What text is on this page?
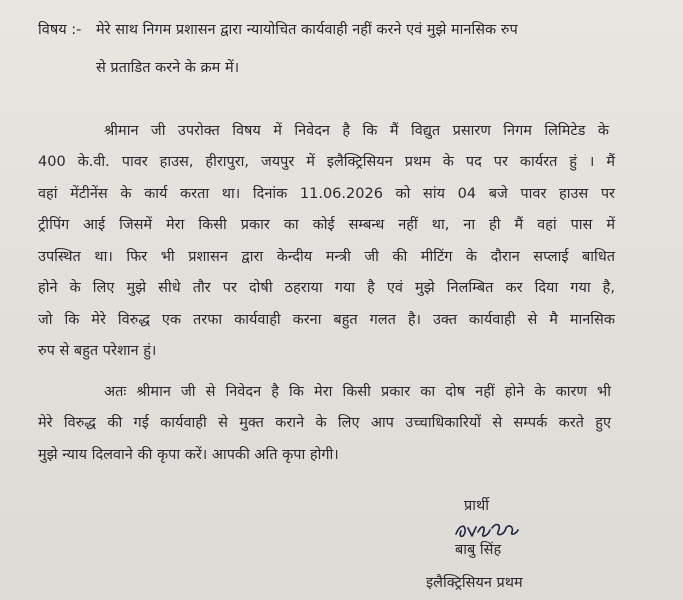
विषय :- मेरे साथ निगम प्रशासन द्वारा न्यायोचित कार्यवाही नहीं करने एवं मुझे मानसिक रुप
से प्रताडित करने के क्रम में।
श्रीमान जी उपरोक्त विषय में निवेदन है कि मैं विद्युत प्रसारण निगम लिमिटेड के
400 के.वी. पावर हाउस, हीरापुरा, जयपुर में इलैक्ट्रिसियन प्रथम के पद पर कार्यरत हुं । मैं
वहां मेंटीनेंस के कार्य करता था। दिनांक 11.06.2026 को सांय 04 बजे पावर हाउस पर
ट्रीपिंग आई जिसमें मेरा किसी प्रकार का कोई सम्बन्ध नहीं था, ना ही मैं वहां पास में
उपस्थित था। फिर भी प्रशासन द्वारा केन्दीय मन्त्री जी की मीटिंग के दौरान सप्लाई बाधित
होने के लिए मुझे सीधे तौर पर दोषी ठहराया गया है एवं मुझे निलम्बित कर दिया गया है,
जो कि मेरे विरुद्ध एक तरफा कार्यवाही करना बहुत गलत है। उक्त कार्यवाही से मै मानसिक
रुप से बहुत परेशान हुं।
अतः श्रीमान जी से निवेदन है कि मेरा किसी प्रकार का दोष नहीं होने के कारण भी
मेरे विरुद्ध की गई कार्यवाही से मुक्त कराने के लिए आप उच्चाधिकारियों से सम्पर्क करते हुए
मुझे न्याय दिलवाने की कृपा करें। आपकी अति कृपा होगी।
प्रार्थी
बाबु सिंह
इलैक्ट्रिसियन प्रथम
